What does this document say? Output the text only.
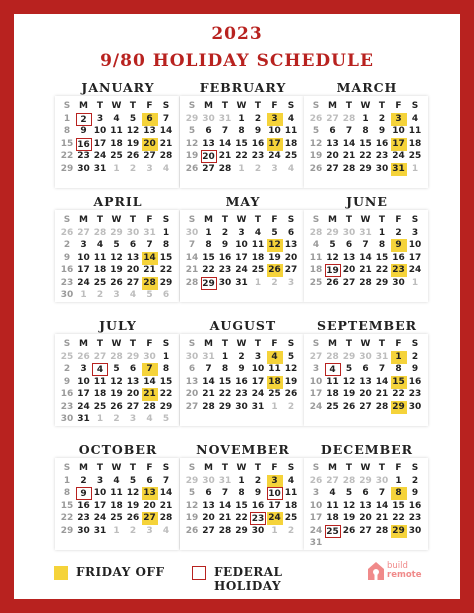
2023
9/80 HOLIDAY SCHEDULE
JANUARY
S M T W T	F	S
1	2	3	4	5	6	7
8	9 10 11 12 13 14
15 16 17 18 19 20 21
22 23 24 25 26 27 28
29 30 31 1	2	3	4
FEBRUARY
S M T W T	F	S
29 30 31 1	2	3	4
5	6	7	8	9 10 11
12 13 14 15 16 17 18
19 20 21 22 23 24 25
26 27 28 1	2	3	4
MARCH
S M T W T	F	S
26 27 28 1	2	3	4
5	6	7	8	9 10 11
12 13 14 15 16 17 18
19 20 21 22 23 24 25
26 27 28 29 30 31 1
APRIL
S M T W T	F	S
26 27 28 29 30 31 1
2	3	4	5	6	7	8
9 10 11 12 13 14 15
16 17 18 19 20 21 22
23 24 25 26 27 28 29
30 1	2	3	4	5	6
MAY
S M T W T	F	S
30 1	2	3	4	5	6
7	8	9 10 11 12 13
14 15 16 17 18 19 20
21 22 23 24 25 26 27
28 29 30 31 1	2	3
JUNE
S M T W T	F	S
28 29 30 31 1	2	3
4	5	6	7	8	9 10
11 12 13 14 15 16 17
18 19 20 21 22 23 24
25 26 27 28 29 30 1
JULY
S M T W T	F	S
25 26 27 28 29 30 1
2	3	4	5	6	7	8
9 10 11 12 13 14 15
16 17 18 19 20 21 22
23 24 25 26 27 28 29
30 31 1	2	3	4	5
AUGUST
S M T W T	F	S
30 31 1	2	3	4	5
6	7	8	9 10 11 12
13 14 15 16 17 18 19
20 21 22 23 24 25 26
27 28 29 30 31 1	2
SEPTEMBER
S M T W T	F	S
27 28 29 30 31 1	2
3	4	5	6	7	8	9
10 11 12 13 14 15 16
17 18 19 20 21 22 23
24 25 26 27 28 29 30
OCTOBER
S M T W T	F	S
1	2	3	4	5	6	7
8	9 10 11 12 13 14
15 16 17 18 19 20 21
22 23 24 25 26 27 28
29 30 31 1	2	3	4
NOVEMBER
S M T W T	F	S
29 30 31 1	2	3	4
5	6	7	8	9 10 11
12 13 14 15 16 17 18
19 20 21 22 23 24 25
26 27 28 29 30 1	2
DECEMBER
S M T W T	F	S
26 27 28 29 30 1	2
3	4	5	6	7	8	9
10 11 12 13 14 15 16
17 18 19 20 21 22 23
24 25 26 27 28 29 30
31
FRIDAY OFF	FEDERAL HOLIDAY
build
remote
